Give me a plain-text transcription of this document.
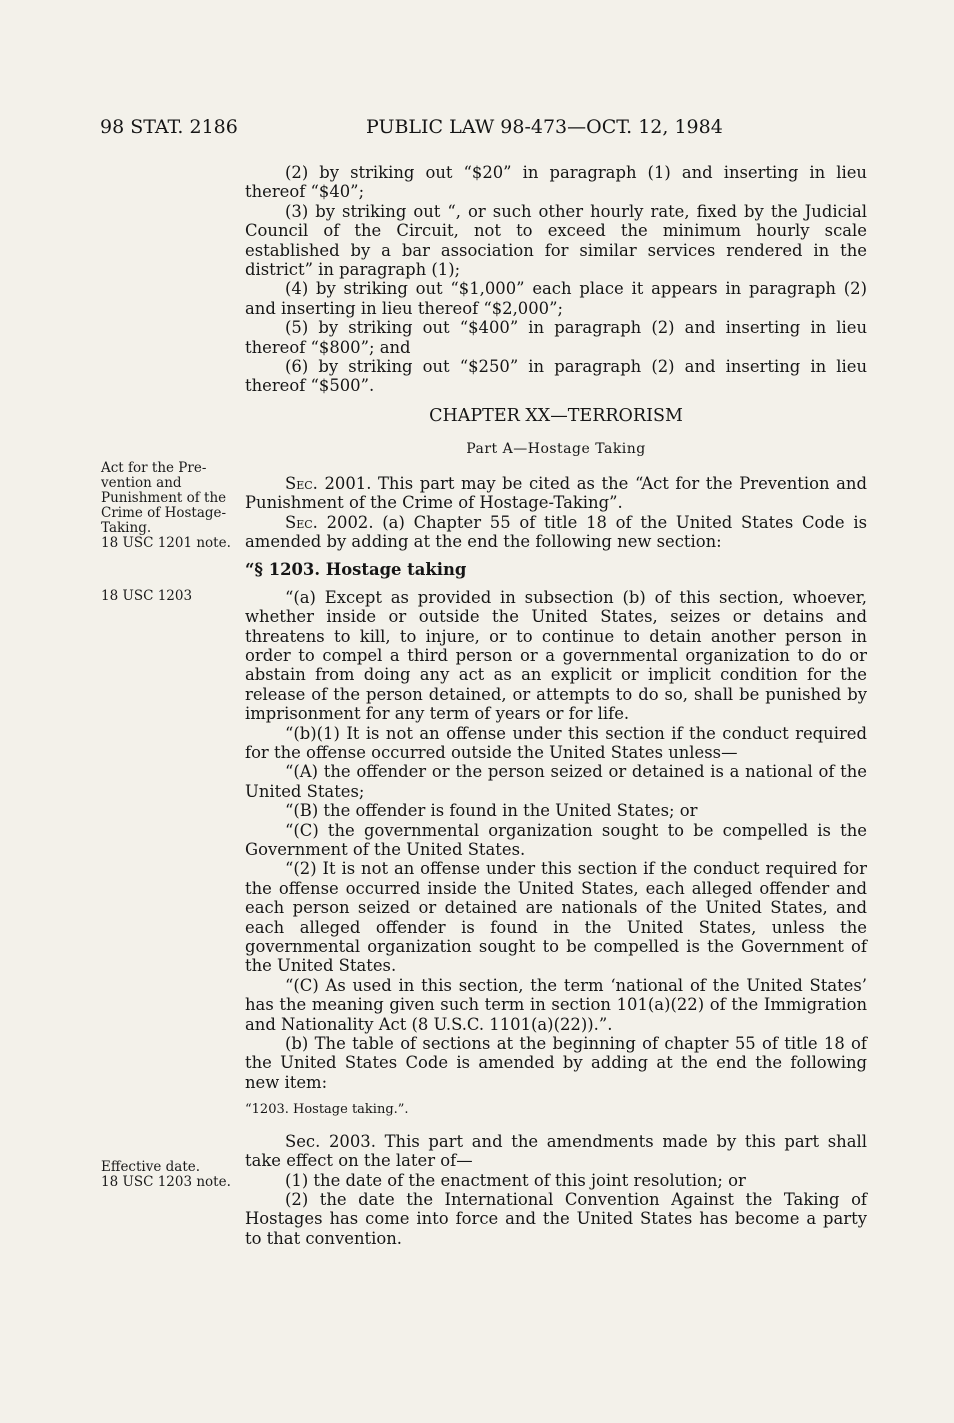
98 STAT. 2186	PUBLIC LAW 98-473—OCT. 12, 1984
Act for the Pre-vention and Punishment of the Crime of Hostage-Taking.
18 USC 1201 note.
18 USC 1203
Effective date.
18 USC 1203 note.

(2) by striking out “$20” in paragraph (1) and inserting in lieu thereof “$40”;

(3) by striking out “, or such other hourly rate, fixed by the Judicial Council of the Circuit, not to exceed the minimum hourly scale established by a bar association for similar services rendered in the district” in paragraph (1);

(4) by striking out “$1,000” each place it appears in paragraph (2) and inserting in lieu thereof “$2,000”;

(5) by striking out “$400” in paragraph (2) and inserting in lieu thereof “$800”; and

(6) by striking out “$250” in paragraph (2) and inserting in lieu thereof “$500”.

CHAPTER XX—TERRORISM

Part A—Hostage Taking

Sec. 2001. This part may be cited as the “Act for the Prevention and Punishment of the Crime of Hostage-Taking”.

Sec. 2002. (a) Chapter 55 of title 18 of the United States Code is amended by adding at the end the following new section:

“§ 1203. Hostage taking

“(a) Except as provided in subsection (b) of this section, whoever, whether inside or outside the United States, seizes or detains and threatens to kill, to injure, or to continue to detain another person in order to compel a third person or a governmental organization to do or abstain from doing any act as an explicit or implicit condition for the release of the person detained, or attempts to do so, shall be punished by imprisonment for any term of years or for life.

“(b)(1) It is not an offense under this section if the conduct required for the offense occurred outside the United States unless—

“(A) the offender or the person seized or detained is a national of the United States;

“(B) the offender is found in the United States; or

“(C) the governmental organization sought to be compelled is the Government of the United States.

“(2) It is not an offense under this section if the conduct required for the offense occurred inside the United States, each alleged offender and each person seized or detained are nationals of the United States, and each alleged offender is found in the United States, unless the governmental organization sought to be compelled is the Government of the United States.

“(C) As used in this section, the term ‘national of the United States’ has the meaning given such term in section 101(a)(22) of the Immigration and Nationality Act (8 U.S.C. 1101(a)(22)).”.

(b) The table of sections at the beginning of chapter 55 of title 18 of the United States Code is amended by adding at the end the following new item:

“1203. Hostage taking.”.

Sec. 2003. This part and the amendments made by this part shall take effect on the later of—

(1) the date of the enactment of this joint resolution; or

(2) the date the International Convention Against the Taking of Hostages has come into force and the United States has become a party to that convention.
